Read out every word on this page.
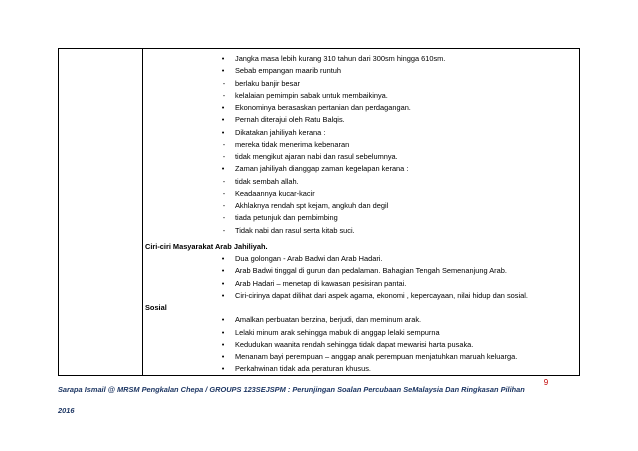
•	Jangka masa lebih kurang 310 tahun dari 300sm hingga 610sm.
•	Sebab empangan maarib runtuh
-	berlaku banjir besar
-	kelalaian pemimpin sabak untuk membaikinya.
•	Ekonominya berasaskan pertanian dan perdagangan.
•	Pernah diterajui oleh Ratu Balqis.
•	Dikatakan jahiliyah kerana :
-	mereka tidak menerima kebenaran
-	tidak mengikut ajaran nabi dan rasul sebelumnya.
•	Zaman jahiliyah dianggap zaman kegelapan kerana :
-	tidak sembah allah.
-	Keadaannya kucar-kacir
-	Akhlaknya rendah spt kejam, angkuh dan degil
-	tiada petunjuk dan pembimbing
-	Tidak nabi dan rasul serta kitab suci.
Ciri-ciri Masyarakat Arab Jahiliyah.
•	Dua golongan - Arab Badwi dan Arab Hadari.
•	Arab Badwi tinggal di gurun dan pedalaman. Bahagian Tengah Semenanjung Arab.
•	Arab Hadari – menetap di kawasan pesisiran pantai.
•	Ciri-cirinya dapat dilihat dari aspek agama, ekonomi , kepercayaan, nilai hidup dan sosial.
Sosial
•	Amalkan perbuatan berzina, berjudi, dan meminum arak.
•	Lelaki minum arak sehingga mabuk di anggap lelaki sempurna
•	Kedudukan waanita rendah sehingga tidak dapat mewarisi harta pusaka.
•	Menanam bayi perempuan – anggap anak perempuan menjatuhkan maruah keluarga.
•	Perkahwinan tidak ada peraturan khusus.
Sarapa Ismail @ MRSM Pengkalan Chepa / GROUPS 123SEJSPM : Perunjingan Soalan Percubaan SeMalaysia Dan Ringkasan Pilihan
2016
9
